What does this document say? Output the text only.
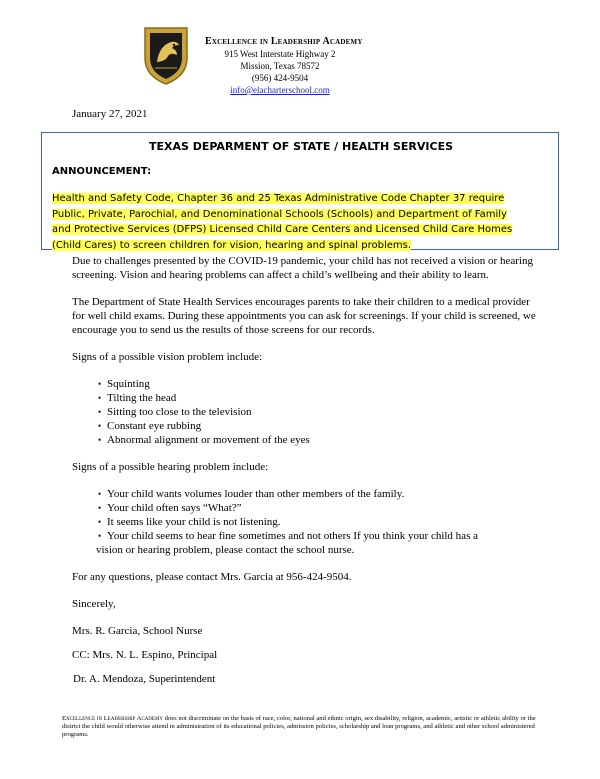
Excellence in Leadership Academy
915 West Interstate Highway 2
Mission, Texas 78572
(956) 424-9504
info@elacharterschool.com
January 27, 2021
TEXAS DEPARMENT OF STATE / HEALTH SERVICES
ANNOUNCEMENT:
Health and Safety Code, Chapter 36 and 25 Texas Administrative Code Chapter 37 require
Public, Private, Parochial, and Denominational Schools (Schools) and Department of Family
and Protective Services (DFPS) Licensed Child Care Centers and Licensed Child Care Homes
(Child Cares) to screen children for vision, hearing and spinal problems.

Due to challenges presented by the COVID-19 pandemic, your child has not received a vision or hearing screening. Vision and hearing problems can affect a child’s wellbeing and their ability to learn.

The Department of State Health Services encourages parents to take their children to a medical provider for well child exams. During these appointments you can ask for screenings. If your child is screened, we encourage you to send us the results of those screens for our records.

Signs of a possible vision problem include:

• Squinting
• Tilting the head
• Sitting too close to the television
• Constant eye rubbing
• Abnormal alignment or movement of the eyes

Signs of a possible hearing problem include:

• Your child wants volumes louder than other members of the family.
• Your child often says “What?”
• It seems like your child is not listening.
• Your child seems to hear fine sometimes and not others If you think your child has a
vision or hearing problem, please contact the school nurse.

For any questions, please contact Mrs. Garcia at 956-424-9504.

Sincerely,

Mrs. R. Garcia, School Nurse

CC: Mrs. N. L. Espino, Principal

Dr. A. Mendoza, Superintendent

Excellence in Leadership Academy does not discriminate on the basis of race, color, national and ethnic origin, sex disability, religion, academic, artistic or athletic ability or the district the child would otherwise attend in administration of its educational policies, admission policies, scholarship and loan programs, and athletic and other school administered programs.
